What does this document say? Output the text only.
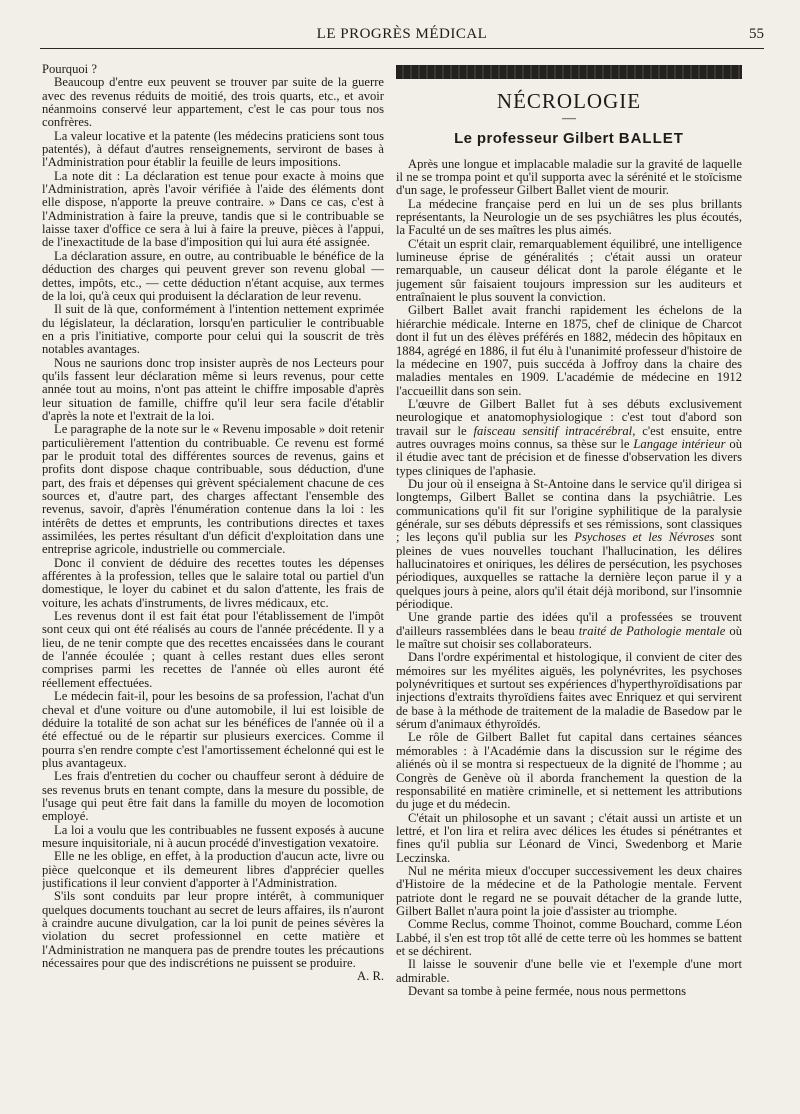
LE PROGRÈS MÉDICAL	55

Pourquoi ?

Beaucoup d'entre eux peuvent se trouver par suite de la guerre avec des revenus réduits de moitié, des trois quarts, etc., et avoir néanmoins conservé leur appartement, c'est le cas pour tous nos confrères.

La valeur locative et la patente (les médecins praticiens sont tous patentés), à défaut d'autres renseignements, serviront de bases à l'Administration pour établir la feuille de leurs impositions.

La note dit : La déclaration est tenue pour exacte à moins que l'Administration, après l'avoir vérifiée à l'aide des éléments dont elle dispose, n'apporte la preuve contraire. » Dans ce cas, c'est à l'Administration à faire la preuve, tandis que si le contribuable se laisse taxer d'office ce sera à lui à faire la preuve, pièces à l'appui, de l'inexactitude de la base d'imposition qui lui aura été assignée.

La déclaration assure, en outre, au contribuable le bénéfice de la déduction des charges qui peuvent grever son revenu global — dettes, impôts, etc., — cette déduction n'étant acquise, aux termes de la loi, qu'à ceux qui produisent la déclaration de leur revenu.

Il suit de là que, conformément à l'intention nettement exprimée du législateur, la déclaration, lorsqu'en particulier le contribuable en a pris l'initiative, comporte pour celui qui la souscrit de très notables avantages.

Nous ne saurions donc trop insister auprès de nos Lecteurs pour qu'ils fassent leur déclaration même si leurs revenus, pour cette année tout au moins, n'ont pas atteint le chiffre imposable d'après leur situation de famille, chiffre qu'il leur sera facile d'établir d'après la note et l'extrait de la loi.

Le paragraphe de la note sur le « Revenu imposable » doit retenir particulièrement l'attention du contribuable. Ce revenu est formé par le produit total des différentes sources de revenus, gains et profits dont dispose chaque contribuable, sous déduction, d'une part, des frais et dépenses qui grèvent spécialement chacune de ces sources et, d'autre part, des charges affectant l'ensemble des revenus, savoir, d'après l'énumération contenue dans la loi : les intérêts de dettes et emprunts, les contributions directes et taxes assimilées, les pertes résultant d'un déficit d'exploitation dans une entreprise agricole, industrielle ou commerciale.

Donc il convient de déduire des recettes toutes les dépenses afférentes à la profession, telles que le salaire total ou partiel d'un domestique, le loyer du cabinet et du salon d'attente, les frais de voiture, les achats d'instruments, de livres médicaux, etc.

Les revenus dont il est fait état pour l'établissement de l'impôt sont ceux qui ont été réalisés au cours de l'année précédente. Il y a lieu, de ne tenir compte que des recettes encaissées dans le courant de l'année écoulée ; quant à celles restant dues elles seront comprises parmi les recettes de l'année où elles auront été réellement effectuées.

Le médecin fait-il, pour les besoins de sa profession, l'achat d'un cheval et d'une voiture ou d'une automobile, il lui est loisible de déduire la totalité de son achat sur les bénéfices de l'année où il a été effectué ou de le répartir sur plusieurs exercices. Comme il pourra s'en rendre compte c'est l'amortissement échelonné qui est le plus avantageux.

Les frais d'entretien du cocher ou chauffeur seront à déduire de ses revenus bruts en tenant compte, dans la mesure du possible, de l'usage qui peut être fait dans la famille du moyen de locomotion employé.

La loi a voulu que les contribuables ne fussent exposés à aucune mesure inquisitoriale, ni à aucun procédé d'investigation vexatoire.

Elle ne les oblige, en effet, à la production d'aucun acte, livre ou pièce quelconque et ils demeurent libres d'apprécier quelles justifications il leur convient d'apporter à l'Administration.

S'ils sont conduits par leur propre intérêt, à communiquer quelques documents touchant au secret de leurs affaires, ils n'auront à craindre aucune divulgation, car la loi punit de peines sévères la violation du secret professionnel en cette matière et l'Administration ne manquera pas de prendre toutes les précautions nécessaires pour que des indiscrétions ne puissent se produire.

A. R.

NÉCROLOGIE
—
Le professeur Gilbert BALLET

Après une longue et implacable maladie sur la gravité de laquelle il ne se trompa point et qu'il supporta avec la sérénité et le stoïcisme d'un sage, le professeur Gilbert Ballet vient de mourir.

La médecine française perd en lui un de ses plus brillants représentants, la Neurologie un de ses psychiâtres les plus écoutés, la Faculté un de ses maîtres les plus aimés.

C'était un esprit clair, remarquablement équilibré, une intelligence lumineuse éprise de généralités ; c'était aussi un orateur remarquable, un causeur délicat dont la parole élégante et le jugement sûr faisaient toujours impression sur les auditeurs et entraînaient le plus souvent la conviction.

Gilbert Ballet avait franchi rapidement les échelons de la hiérarchie médicale. Interne en 1875, chef de clinique de Charcot dont il fut un des élèves préférés en 1882, médecin des hôpitaux en 1884, agrégé en 1886, il fut élu à l'unanimité professeur d'histoire de la médecine en 1907, puis succéda à Joffroy dans la chaire des maladies mentales en 1909. L'académie de médecine en 1912 l'accueillit dans son sein.

L'œuvre de Gilbert Ballet fut à ses débuts exclusivement neurologique et anatomophysiologique : c'est tout d'abord son travail sur le faisceau sensitif intracérébral, c'est ensuite, entre autres ouvrages moins connus, sa thèse sur le Langage intérieur où il étudie avec tant de précision et de finesse d'observation les divers types cliniques de l'aphasie.

Du jour où il enseigna à St-Antoine dans le service qu'il dirigea si longtemps, Gilbert Ballet se contina dans la psychiâtrie. Les communications qu'il fit sur l'origine syphilitique de la paralysie générale, sur ses débuts dépressifs et ses rémissions, sont classiques ; les leçons qu'il publia sur les Psychoses et les Névroses sont pleines de vues nouvelles touchant l'hallucination, les délires hallucinatoires et oniriques, les délires de persécution, les psychoses périodiques, auxquelles se rattache la dernière leçon parue il y a quelques jours à peine, alors qu'il était déjà moribond, sur l'insomnie périodique.

Une grande partie des idées qu'il a professées se trouvent d'ailleurs rassemblées dans le beau traité de Pathologie mentale où le maître sut choisir ses collaborateurs.

Dans l'ordre expérimental et histologique, il convient de citer des mémoires sur les myélites aiguës, les polynévrites, les psychoses polynévritiques et surtout ses expériences d'hyperthyroïdisations par injections d'extraits thyroïdiens faites avec Enriquez et qui servirent de base à la méthode de traitement de la maladie de Basedow par le sérum d'animaux éthyroïdés.

Le rôle de Gilbert Ballet fut capital dans certaines séances mémorables : à l'Académie dans la discussion sur le régime des aliénés où il se montra si respectueux de la dignité de l'homme ; au Congrès de Genève où il aborda franchement la question de la responsabilité en matière criminelle, et si nettement les attributions du juge et du médecin.

C'était un philosophe et un savant ; c'était aussi un artiste et un lettré, et l'on lira et relira avec délices les études si pénétrantes et fines qu'il publia sur Léonard de Vinci, Swedenborg et Marie Leczinska.

Nul ne mérita mieux d'occuper successivement les deux chaires d'Histoire de la médecine et de la Pathologie mentale. Fervent patriote dont le regard ne se pouvait détacher de la grande lutte, Gilbert Ballet n'aura point la joie d'assister au triomphe.

Comme Reclus, comme Thoinot, comme Bouchard, comme Léon Labbé, il s'en est trop tôt allé de cette terre où les hommes se battent et se déchirent.

Il laisse le souvenir d'une belle vie et l'exemple d'une mort admirable.

Devant sa tombe à peine fermée, nous nous permettons
